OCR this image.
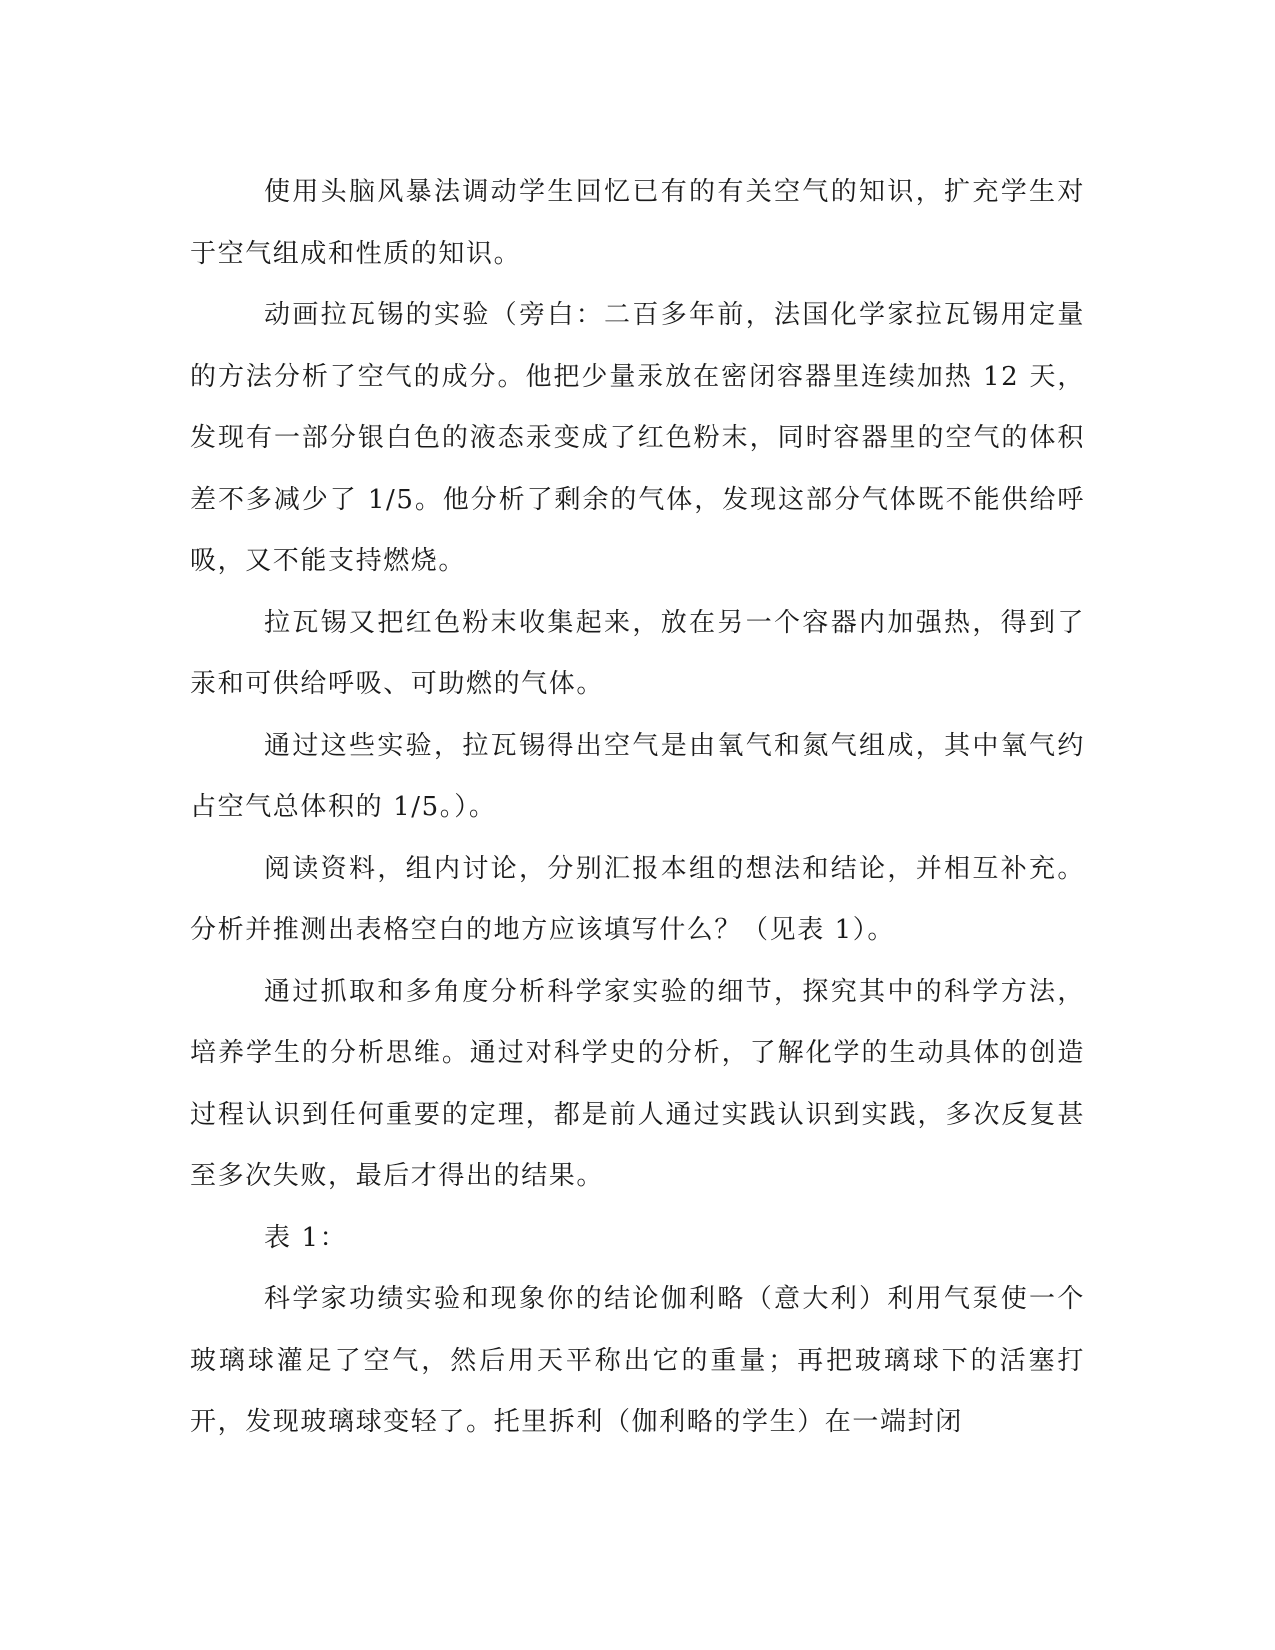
使用头脑风暴法调动学生回忆已有的有关空气的知识，扩充学生对于空气组成和性质的知识。

动画拉瓦锡的实验（旁白：二百多年前，法国化学家拉瓦锡用定量的方法分析了空气的成分。他把少量汞放在密闭容器里连续加热 12 天，发现有一部分银白色的液态汞变成了红色粉末，同时容器里的空气的体积差不多减少了 1/5。他分析了剩余的气体，发现这部分气体既不能供给呼吸，又不能支持燃烧。

拉瓦锡又把红色粉末收集起来，放在另一个容器内加强热，得到了汞和可供给呼吸、可助燃的气体。

通过这些实验，拉瓦锡得出空气是由氧气和氮气组成，其中氧气约占空气总体积的 1/5。）。

阅读资料，组内讨论，分别汇报本组的想法和结论，并相互补充。分析并推测出表格空白的地方应该填写什么？（见表 1）。

通过抓取和多角度分析科学家实验的细节，探究其中的科学方法，培养学生的分析思维。通过对科学史的分析，了解化学的生动具体的创造过程认识到任何重要的定理，都是前人通过实践认识到实践，多次反复甚至多次失败，最后才得出的结果。

表 1：

科学家功绩实验和现象你的结论伽利略（意大利）利用气泵使一个玻璃球灌足了空气，然后用天平称出它的重量；再把玻璃球下的活塞打开，发现玻璃球变轻了。托里拆利（伽利略的学生）在一端封闭
